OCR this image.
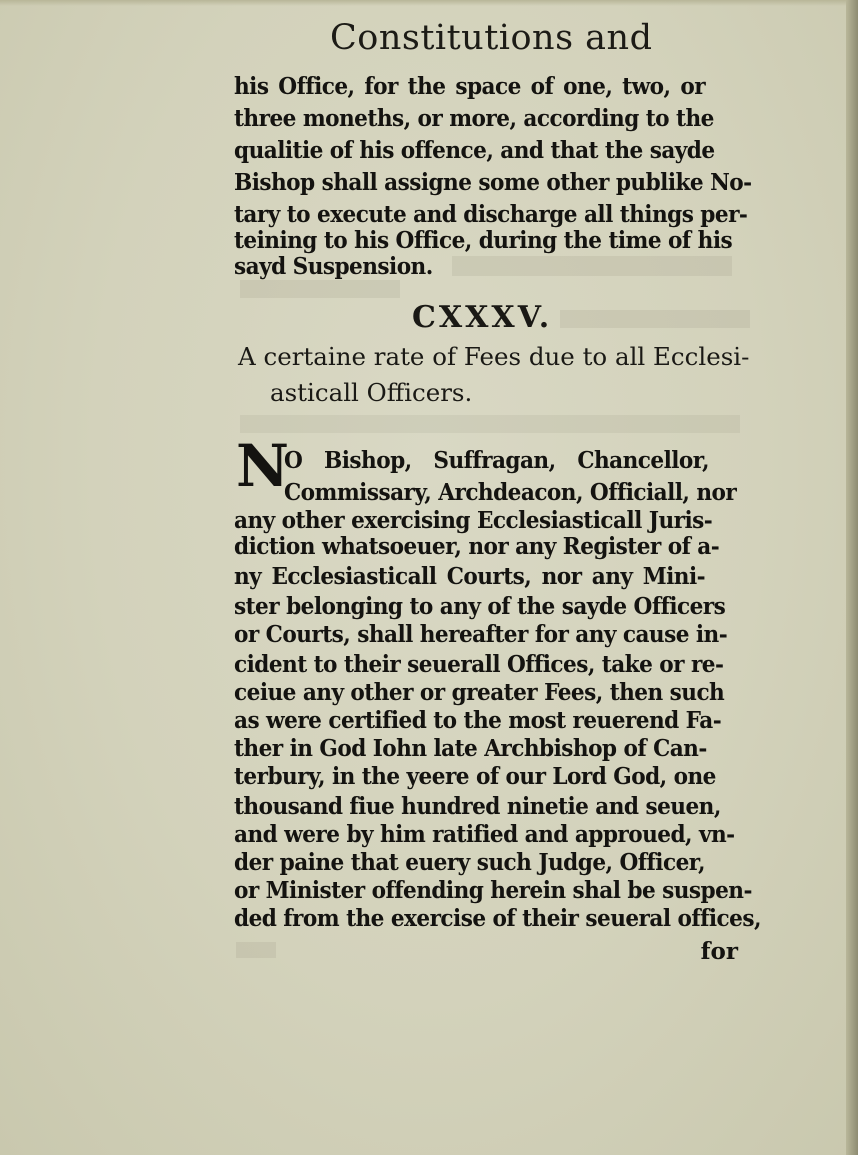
Constitutions and
his Office, for the space of one, two, or
three moneths, or more, according to the
qualitie of his offence, and that the sayde
Bishop shall assigne some other publike No-
tary to execute and discharge all things per-
teining to his Office, during the time of his
sayd Suspension.
CXXXV.
A certaine rate of Fees due to all Ecclesi-
asticall Officers.
N
O Bishop, Suffragan, Chancellor,
Commissary, Archdeacon, Officiall, nor
any other exercising Ecclesiasticall Juris-
diction whatsoeuer, nor any Register of a-
ny Ecclesiasticall Courts, nor any Mini-
ster belonging to any of the sayde Officers
or Courts, shall hereafter for any cause in-
cident to their seuerall Offices, take or re-
ceiue any other or greater Fees, then such
as were certified to the most reuerend Fa-
ther in God Iohn late Archbishop of Can-
terbury, in the yeere of our Lord God, one
thousand fiue hundred ninetie and seuen,
and were by him ratified and approued, vn-
der paine that euery such Judge, Officer,
or Minister offending herein shal be suspen-
ded from the exercise of their seueral offices,
for
